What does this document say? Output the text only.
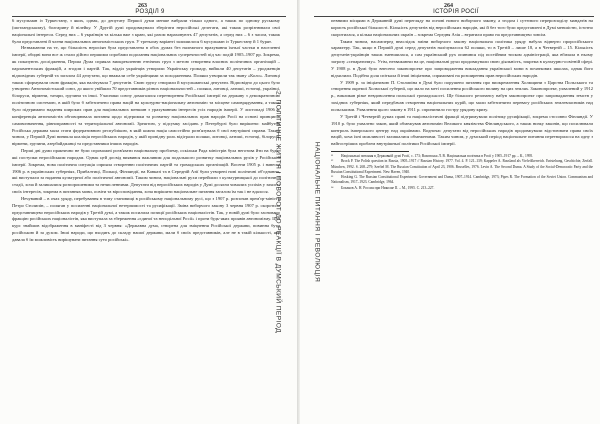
263
РОЗДІЛ 9

6 мусульман із Туркестану, з яких, однак, до депутату Першої думи менше вибрали тільки одного, а також по одному руському (шотландському), болгарину й вілейку. У Другій думі продовжували зберігати неросійські делегати, які також розрізнювали свої національні інтереси. Серед них – 6 українців та кілька вже з краю, які разом нараховують 47 депутатів, а серед них – 6 з часом, також були представлені й члени національних автономістських груп. У третьому варіанті залишилося 6 мусульман із Туркестану й 1 бурят.

Незважаючи на те, що більшість неросіян була представлена в обох думах без належного врахування їхньої частки в населенні імперії, обидві вони все ж стали дійсно першими спробами подолання національних суперечностей під час подій 1905–1907 рр. Зокрема, як показують дослідження, Перша Дума сприяла виокремленню етнічних груп з метою створення власних політичних організацій – парламентських фракцій, а згодом і партій. Так, відділ українців утворили Українську громаду, вийшли 40 депутатів – уродженців відповідних губерній та загалом 44 депутати, що вважали себе українцями за походженням. Поляки утворили так звану «Коло». Литовці також сформували свою фракцію, яка налічувала 7 депутатів. Свою групу створили й мусульманські депутати. Відповідно до цього було утворено Автономістський союз, до якого увійшли 70 представників різних національностей – поляки, литовці, латиші, естонці, українці, білоруси, вірмени, татари, грузини та інші. Учасники союзу домагалися перетворення Російської імперії на державу з демократичною політичною системою, в якій було б забезпечено права націй на культурно-національну автономію та місцеве самоврядування, а також було підтримано надання широких прав для національних меншин з урахуванням інтересів усіх народів імперії. У листопаді 1906 р. конференція автономістів обговорювала питання щодо підтримки та розвитку національних прав народів Росії на основі принципів самовизначення, рівноправності та територіальної автономії. Зрештою, у підсумку засідань у Петербурзі було вирішено: майбутня Російська держава мала стати федеративною республікою, в якій кожна нація самостійно розв'язувала б свої внутрішні справи. Таким чином, у Першій Думі виникла коаліція неросійських народів, у якій провідну роль відіграли поляки, литовці, латиші, естонці, білоруси, вірмени, грузини, азербайджанці та представники інших народів.

Перші дві думи практично не були спроможні розв'язати національну проблему, оскільки Рада міністрів була неготова йти на будь-які поступки неросійським народам. Однак цей досвід виявився важливим для подальшого розвитку національних рухів у Російській імперії. Зокрема, нова політична ситуація сприяла створенню політичних партій та громадських організацій. Восени 1905 р. і навесні 1906 р. в українських губерніях, Прибалтиці, Польщі, Фінляндії, на Кавказі та в Середній Азії були утворені нові політичні об'єднання, які виступали за надання культурної або політичної автономії. Таким чином, національні рухи перейшли з культурницької до політичної стадії, хоча й залишалися розпорошеними та нечисленними. Депутати від неросійських народів у Думі досягли чималих успіхів у захисті своїх інтересів, зокрема в питаннях мови, освіти та віросповідання, хоча вирішити національне питання загалом їм так і не вдалося.

Нечуваний – в очах уряду, перебування в тому становищі в російському національному русі, що з 1907 р. розпочав прем'єр-міністр Петро Столипін, – полягав у посиленні національної нетерпимості та русифікації. Зміна виборчого закону 3 червня 1907 р. скоротила представництво неросійських народів у Третій думі, а також посилила позиції російських націоналістів. Так, у новій думі було засновано фракцію російських націоналістів, яка виступала за збереження «єдиної та неподільної Росії» і проти будь-яких проявів автономізму. Цей курс знайшов відображення в маніфесті від 3 червня: «Державна дума, створена для зміцнення Російської держави, повинна бути російською й за духом. Інші народи, що входять до складу нашої держави, мали б своїх представників, але не в такій кількості, яка давала б їм можливість вирішувати питання суто російські».	2. ПОЛІТИЧНЕ ЖИТТЯ І ПОВОРОТ ДО РЕАКЦІЇ В ДУМСЬКИЙ ПЕРІОД
264
ІСТОРІЯ РОСІЇ
НАЦІОНАЛЬНЕ ПИТАННЯ І РЕВОЛЮЦІЯ

певними місцями в Державній думі перегляду на основі нового виборчого закону, а згодом і суттєвого перерозподілу мандатів на користь російської більшості. Кількість депутатів від неросійських народів, які й без того були представлені в Думі меншістю, істотно скоротилася, а кілька національних окраїн – зокрема Середня Азія – втратили право на представництво зовсім.

Таким чином, насамперед внаслідок зміни виборчого закону національна політика уряду набула відверто проросійського характеру. Так, якщо в Першій думі серед депутатів налічувалося 62 поляки, то в Третій – лише 18, а в Четвертій – 15. Кількість депутатів-українців також зменшилася, а сам український рух опинився під постійним тиском адміністрації, яка вбачала в ньому загрозу «сепаратизму». Утім, незважаючи на це, національні рухи продовжували свою діяльність, зокрема в культурно-освітній сфері. У 1908 р. в Думі було внесено законопроект про запровадження викладання української мови в початкових школах, однак його відхилили. Подібна доля спіткала й інші ініціативи, спрямовані на розширення прав неросійських народів.

У 1909 р. за ініціативою П. Столипіна в Думі було порушено питання про виокремлення Холмщини з Царства Польського та створення окремої Холмської губернії, що мало на меті посилення російського впливу на цих землях. Законопроект, ухвалений у 1912 р., викликав різке невдоволення польської громадськості. Ще більшого резонансу набув законопроект про запровадження земств у західних губерніях, який передбачав створення національних курій, що мали забезпечити перевагу російських землевласників над польськими. Ухвалення цього закону в 1911 р. спричинило гостру урядову кризу.

У Третій і Четвертій думах праві та націоналістичні фракції підтримували політику русифікації, зокрема стосовно Фінляндії. У 1910 р. було ухвалено закон, який обмежував автономію Великого князівства Фінляндського, а також низку законів, що посилювали контроль імперського центру над окраїнами. Водночас депутати від неросійських народів продовжували відстоювати права своїх націй, хоча їхні можливості залишалися обмеженими. Таким чином, у думський період національне питання перетворилося на одну з найгостріших проблем внутрішньої політики Російської імперії.

¹¹ Національні питання в Державній думі Росії, с. 173; Ваховська Л. В. Національна політика в Росії у 1905–1917 рр. – К., 1995.

¹² Brock P. The Polish question in Russia, 1905–1917 // Russian History. 1977. Vol. 4. P. 121–139; Kappeler A. Russland als Vielvölkerreich. Entstehung, Geschichte, Zerfall. München, 1992. S. 268–279; Szeftel M. The Russian Constitution of April 23, 1906. Bruxelles, 1976. Levin A. The Second Duma. A Study of the Social-Democratic Party and the Russian Constitutional Experiment. New Haven, 1940.

¹³ Hosking G. The Russian Constitutional Experiment: Government and Duma, 1907–1914. Cambridge, 1973; Pipes R. The Formation of the Soviet Union. Communism and Nationalism, 1917–1923. Cambridge, 1964.

¹⁴ Боханов А. Н. Россия при Николае II. – М., 1995. С. 213–227.
